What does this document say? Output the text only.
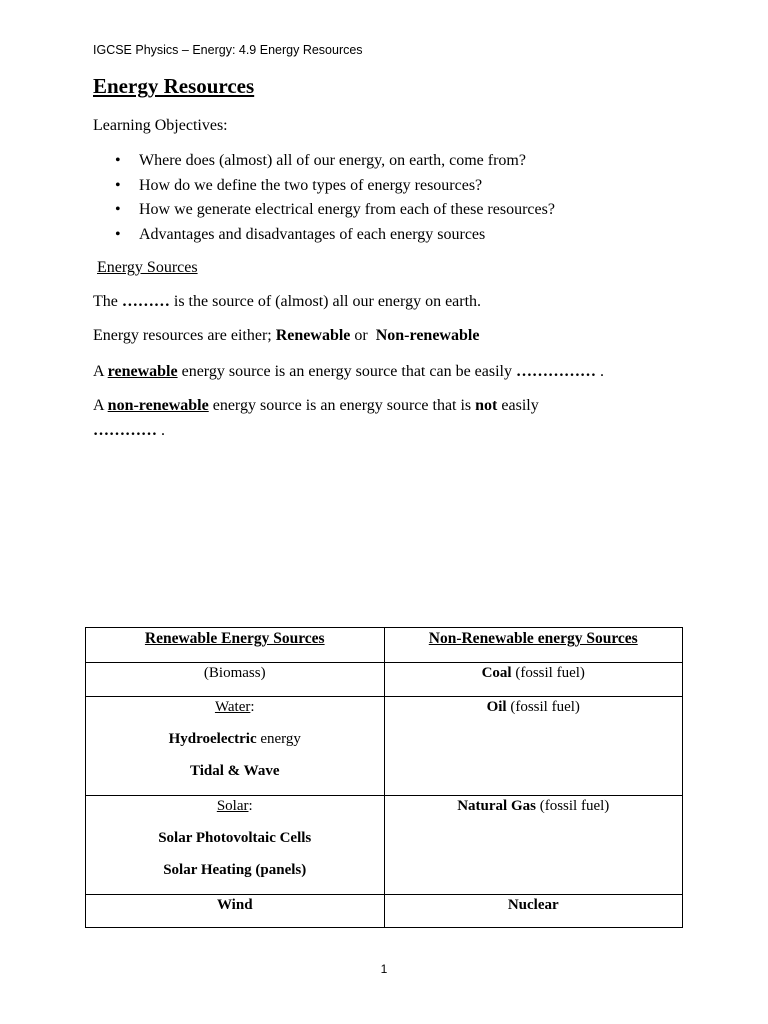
IGCSE Physics – Energy: 4.9 Energy Resources
Energy Resources
Learning Objectives:
• Where does (almost) all of our energy, on earth, come from?
• How do we define the two types of energy resources?
• How we generate electrical energy from each of these resources?
• Advantages and disadvantages of each energy sources
Energy Sources
The ……… is the source of (almost) all our energy on earth.
Energy resources are either; Renewable or  Non-renewable
A renewable energy source is an energy source that can be easily …………… .
A non-renewable energy source is an energy source that is not easily
………… .
Renewable Energy Sources	Non-Renewable energy Sources

(Biomass)	Coal (fossil fuel)

Water:

Hydroelectric energy

Tidal & Wave	Oil (fossil fuel)

Solar:

Solar Photovoltaic Cells

Solar Heating (panels)	Natural Gas (fossil fuel)

Wind	Nuclear

1
